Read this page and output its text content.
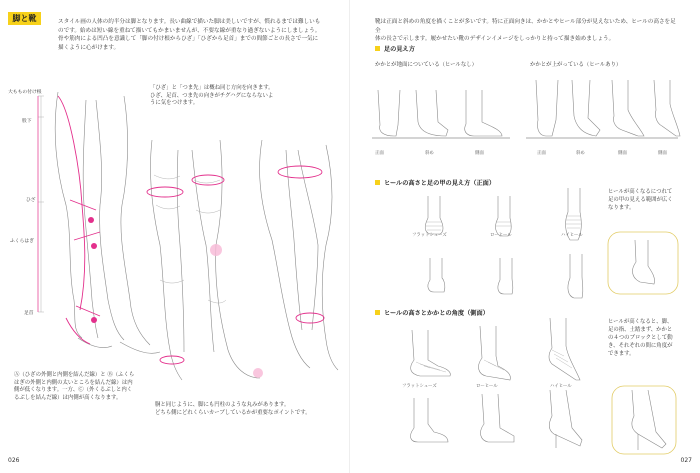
脚と靴	スタイル画の人体の約半分は脚となります。長い曲線で描いた脚は美しいですが、慣れるまでは難しいも

のです。始めは短い線を重ねて描いてもかまいませんが、不要な線が重なり過ぎないようにしましょう。

骨や筋肉による凹凸を意識して「脚の付け根からひざ」「ひざから足首」までの間節ごとの長さで一気に

描くように心がけます。

「ひざ」と「つま先」は概ね同じ方向を向きます。

ひざ、足首、つま先の向きがチグハグにならないよ

うに気をつけます。

大ももの付け根
股下
ひざ
ふくらはぎ
足首

Ⓐ（ひざの外側と内側を結んだ線）と Ⓑ（ふくら

はぎの外側と内側の太いところを結んだ線）は内

側が低くなります。一方、Ⓒ（外くるぶしと内く

るぶしを結んだ線）は内側が高くなります。

胴と同じように、脚にも円柱のような丸みがあります。

どちら側にどれくらいカーブしているかが重要なポイントです。

026

靴は正面と斜めの角度を描くことが多いです。特に正面向きは、かかとやヒール部分が見えないため、ヒールの高さを足全

体の長さで示します。履かせたい靴のデザインイメージをしっかりと持って描き始めましょう。

足の見え方
かかとが地面についている（ヒールなし）	かかとが上がっている（ヒールあり）
正面	斜め	側面	正面	斜め	側面	側面
ヒールの高さと足の甲の見え方（正面）
フラットシューズ	ローヒール	ハイヒール

ヒールが高くなるにつれて

足の甲の見える範囲が広く

なります。

ヒールの高さとかかとの角度（側面）
フラットシューズ	ローヒール	ハイヒール

ヒールが高くなると、脚、

足の指、土踏まず、かかと

の４つのブロックとして動

き、それぞれの間に角度が

できます。

027
